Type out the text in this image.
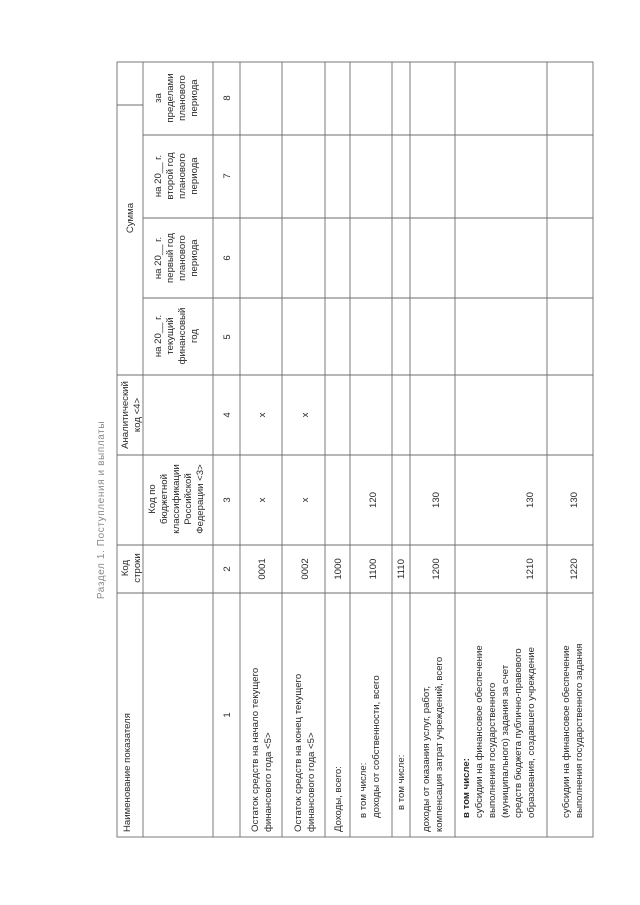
Раздел 1. Поступления и выплаты
Наименование показателя
Код строки
Код по бюджетной классификации Российской Федерации <3>
Аналитический код <4>
Сумма
на 20__ г. текущий финансовый год
на 20__ г. первый год планового периода
на 20__ г. второй год планового периода
за пределами планового периода
1
2
3
4
5
6
7
8
Остаток средств на начало текущего финансового года <5>
0001
x
x
Остаток средств на конец текущего финансового года <5>
0002
x
x
Доходы, всего:
1000
в том числе: доходы от собственности, всего
1100
120
в том числе:
1110
доходы от оказания услуг, работ, компенсация затрат учреждений, всего
1200
130
в том числе: субсидии на финансовое обеспечение выполнения государственного (муниципального) задания за счет средств бюджета публично-правового образования, создавшего учреждение
1210
130
субсидии на финансовое обеспечение выполнения государственного задания
1220
130
